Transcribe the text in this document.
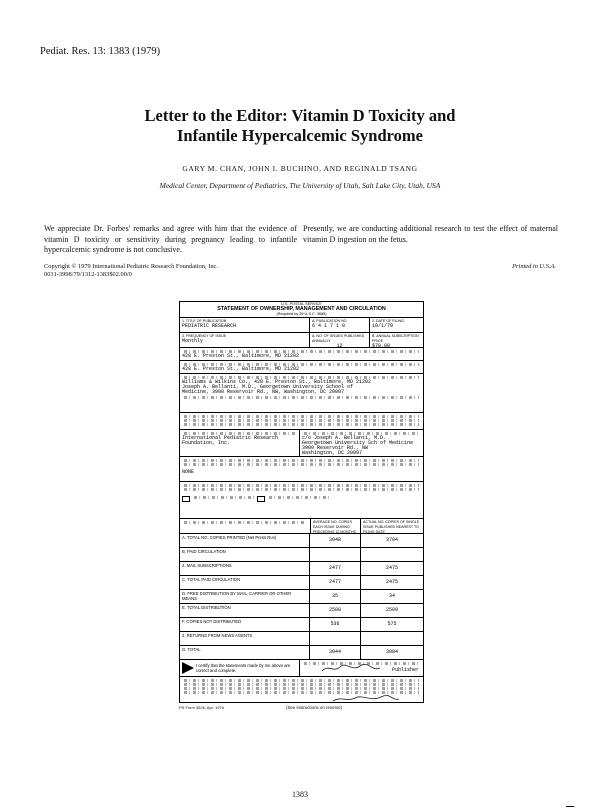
Pediat. Res. 13: 1383 (1979)
Letter to the Editor: Vitamin D Toxicity and
Infantile Hypercalcemic Syndrome
GARY M. CHAN, JOHN I. BUCHINO, AND REGINALD TSANG
Medical Center, Department of Pediatrics, The University of Utah, Salt Lake City, Utah, USA
We appreciate Dr. Forbes' remarks and agree with him that the evidence of vitamin D toxicity or sensitivity during pregnancy leading to infantile hypercalcemic syndrome is not conclusive.
Presently, we are conducting additional research to test the effect of maternal vitamin D ingestion on the fetus.
Copyright © 1979 International Pediatric Research Foundation, Inc.
0031-3998/79/1312-1383$02.00/0
Printed in U.S.A.
U.S. POSTAL SERVICE
STATEMENT OF OWNERSHIP, MANAGEMENT AND CIRCULATION
(Required by 39 U.S.C. 3685)
1. TITLE OF PUBLICATION
PEDIATRIC RESEARCH
A. PUBLICATION NO.
6 4 1 7 1 0
2. DATE OF FILING
10/1/79
3. FREQUENCY OF ISSUE
Monthly
A. NO. OF ISSUES PUBLISHED ANNUALLY
12
B. ANNUAL SUBSCRIPTION PRICE
$70.00
428 E. Preston St., Baltimore, MD 21202
428 E. Preston St., Baltimore, MD 21202
Williams & Wilkins Co., 428 E. Preston St., Baltimore, MD 21202
Joseph A. Bellanti, M.D., Georgetown University School of
Medicine, 3900 Reservoir Rd., NW, Washington, DC 20007
International Pediatric Research
Foundation, Inc.
c/o Joseph A. Bellanti, M.D.
Georgetown University Sch of Medicine
3900 Reservoir Rd., NW
Washington, DC 20007
NONE

AVERAGE NO. COPIES EACH ISSUE DURING PRECEDING 12 MONTHS
ACTUAL NO. COPIES OF SINGLE ISSUE PUBLISHED NEAREST TO FILING DATE
A. TOTAL NO. COPIES PRINTED (Net Press Run)	3048	3704
B. PAID CIRCULATION
2. MAIL SUBSCRIPTIONS	2477	2475
C. TOTAL PAID CIRCULATION	2477	2475
D. FREE DISTRIBUTION BY MAIL, CARRIER OR OTHER MEANS	35	34
E. TOTAL DISTRIBUTION	2508	2509
F. COPIES NOT DISTRIBUTED	536	575
2. RETURNS FROM NEWS AGENTS
G. TOTAL	3044	3084
I certify that the statements made by me above are correct and complete.	Publisher
PS Form 3526, Apr. 1976	(See instructions on reverse)
1383
